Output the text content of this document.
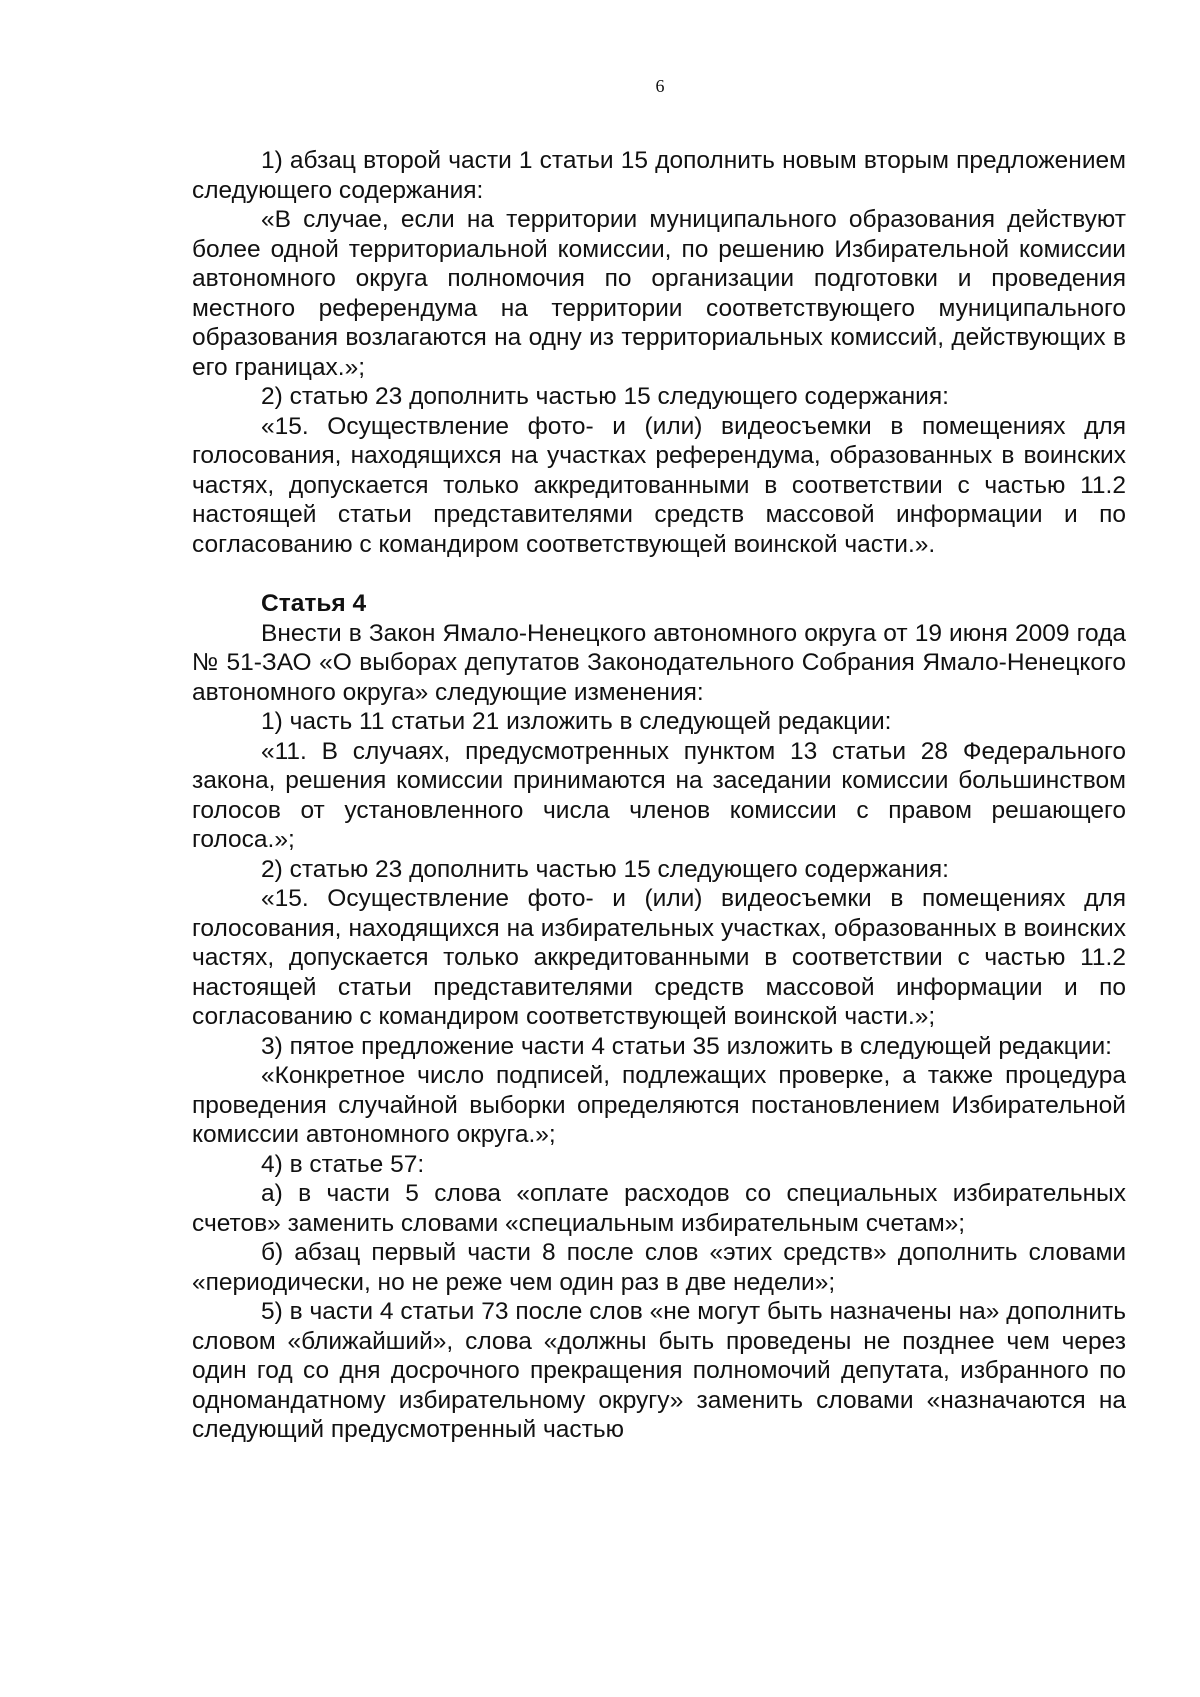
6

1) абзац второй части 1 статьи 15 дополнить новым вторым предложением следующего содержания:

«В случае, если на территории муниципального образования действуют более одной территориальной комиссии, по решению Избирательной комиссии автономного округа полномочия по организации подготовки и проведения местного референдума на территории соответствующего муниципального образования возлагаются на одну из территориальных комиссий, действующих в его границах.»;

2) статью 23 дополнить частью 15 следующего содержания:

«15. Осуществление фото- и (или) видеосъемки в помещениях для голосования, находящихся на участках референдума, образованных в воинских частях, допускается только аккредитованными в соответствии с частью 11.2 настоящей статьи представителями средств массовой информации и по согласованию с командиром соответствующей воинской части.».

Статья 4

Внести в Закон Ямало-Ненецкого автономного округа от 19 июня 2009 года № 51-ЗАО «О выборах депутатов Законодательного Собрания Ямало-Ненецкого автономного округа» следующие изменения:

1) часть 11 статьи 21 изложить в следующей редакции:

«11. В случаях, предусмотренных пунктом 13 статьи 28 Федерального закона, решения комиссии принимаются на заседании комиссии большинством голосов от установленного числа членов комиссии с правом решающего голоса.»;

2) статью 23 дополнить частью 15 следующего содержания:

«15. Осуществление фото- и (или) видеосъемки в помещениях для голосования, находящихся на избирательных участках, образованных в воинских частях, допускается только аккредитованными в соответствии с частью 11.2 настоящей статьи представителями средств массовой информации и по согласованию с командиром соответствующей воинской части.»;

3) пятое предложение части 4 статьи 35 изложить в следующей редакции:

«Конкретное число подписей, подлежащих проверке, а также процедура проведения случайной выборки определяются постановлением Избирательной комиссии автономного округа.»;

4) в статье 57:

а) в части 5 слова «оплате расходов со специальных избирательных счетов» заменить словами «специальным избирательным счетам»;

б) абзац первый части 8 после слов «этих средств» дополнить словами «периодически, но не реже чем один раз в две недели»;

5) в части 4 статьи 73 после слов «не могут быть назначены на» дополнить словом «ближайший», слова «должны быть проведены не позднее чем через один год со дня досрочного прекращения полномочий депутата, избранного по одномандатному избирательному округу» заменить словами «назначаются на следующий предусмотренный частью
